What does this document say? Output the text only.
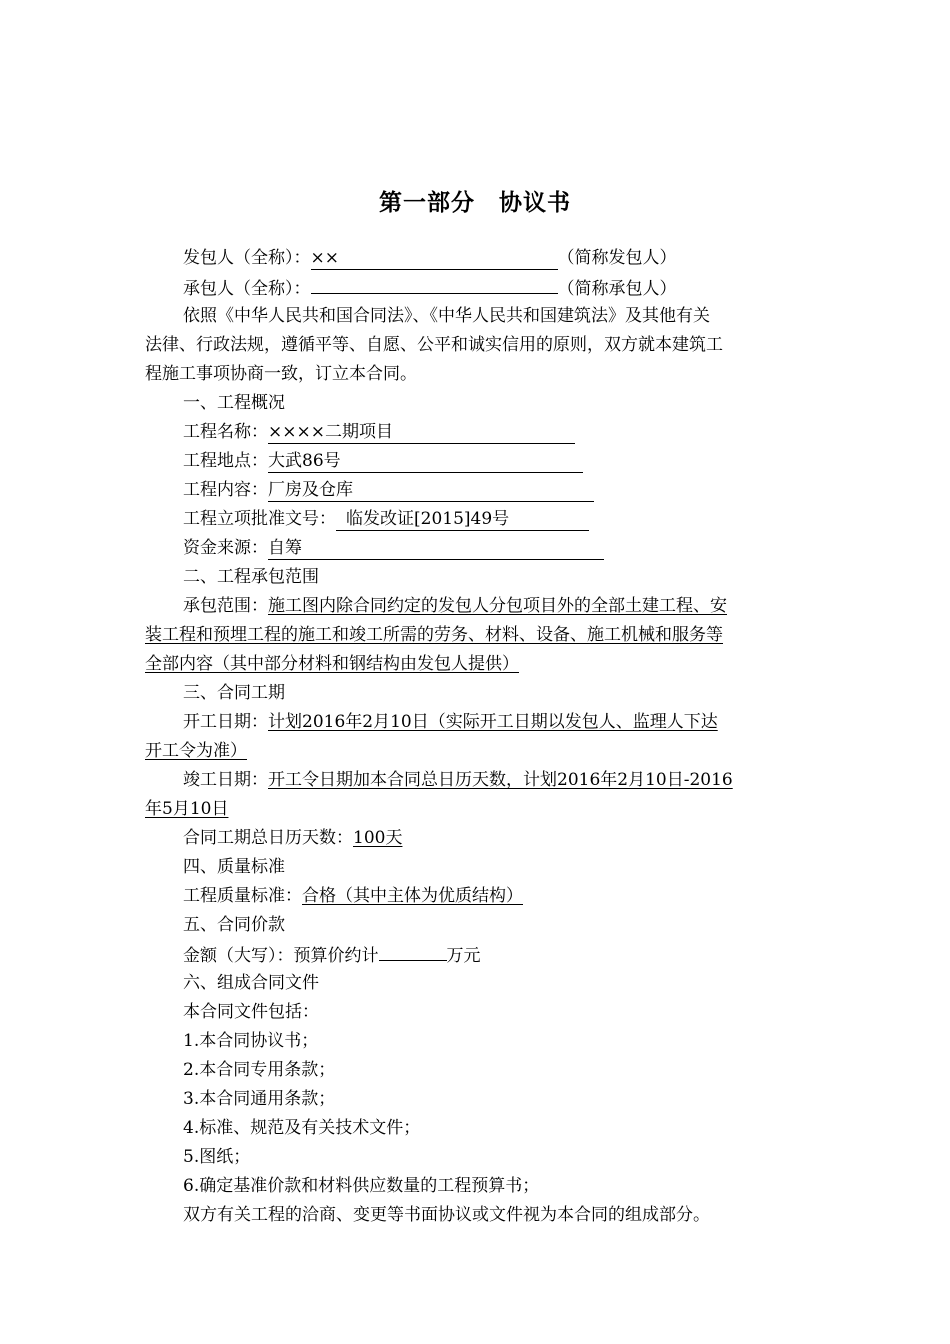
第一部分　协议书
发包人（全称）：××	（简称发包人）
承包人（全称）：	（简称承包人）
依照《中华人民共和国合同法》、《中华人民共和国建筑法》及其他有关
法律、行政法规，遵循平等、自愿、公平和诚实信用的原则，双方就本建筑工
程施工事项协商一致，订立本合同。
一、工程概况
工程名称：××××二期项目
工程地点：大武86号
工程内容：厂房及仓库
工程立项批准文号： 临发改证[2015]49号
资金来源：自筹
二、工程承包范围
承包范围：施工图内除合同约定的发包人分包项目外的全部土建工程、安
装工程和预埋工程的施工和竣工所需的劳务、材料、设备、施工机械和服务等
全部内容（其中部分材料和钢结构由发包人提供）
三、合同工期
开工日期：计划2016年2月10日（实际开工日期以发包人、监理人下达
开工令为准）
竣工日期：开工令日期加本合同总日历天数，计划2016年2月10日-2016
年5月10日
合同工期总日历天数：100天
四、质量标准
工程质量标准：合格（其中主体为优质结构）
五、合同价款
金额（大写）：预算价约计	万元
六、组成合同文件
本合同文件包括：
1.本合同协议书；
2.本合同专用条款；
3.本合同通用条款；
4.标准、规范及有关技术文件；
5.图纸；
6.确定基准价款和材料供应数量的工程预算书；
双方有关工程的洽商、变更等书面协议或文件视为本合同的组成部分。
